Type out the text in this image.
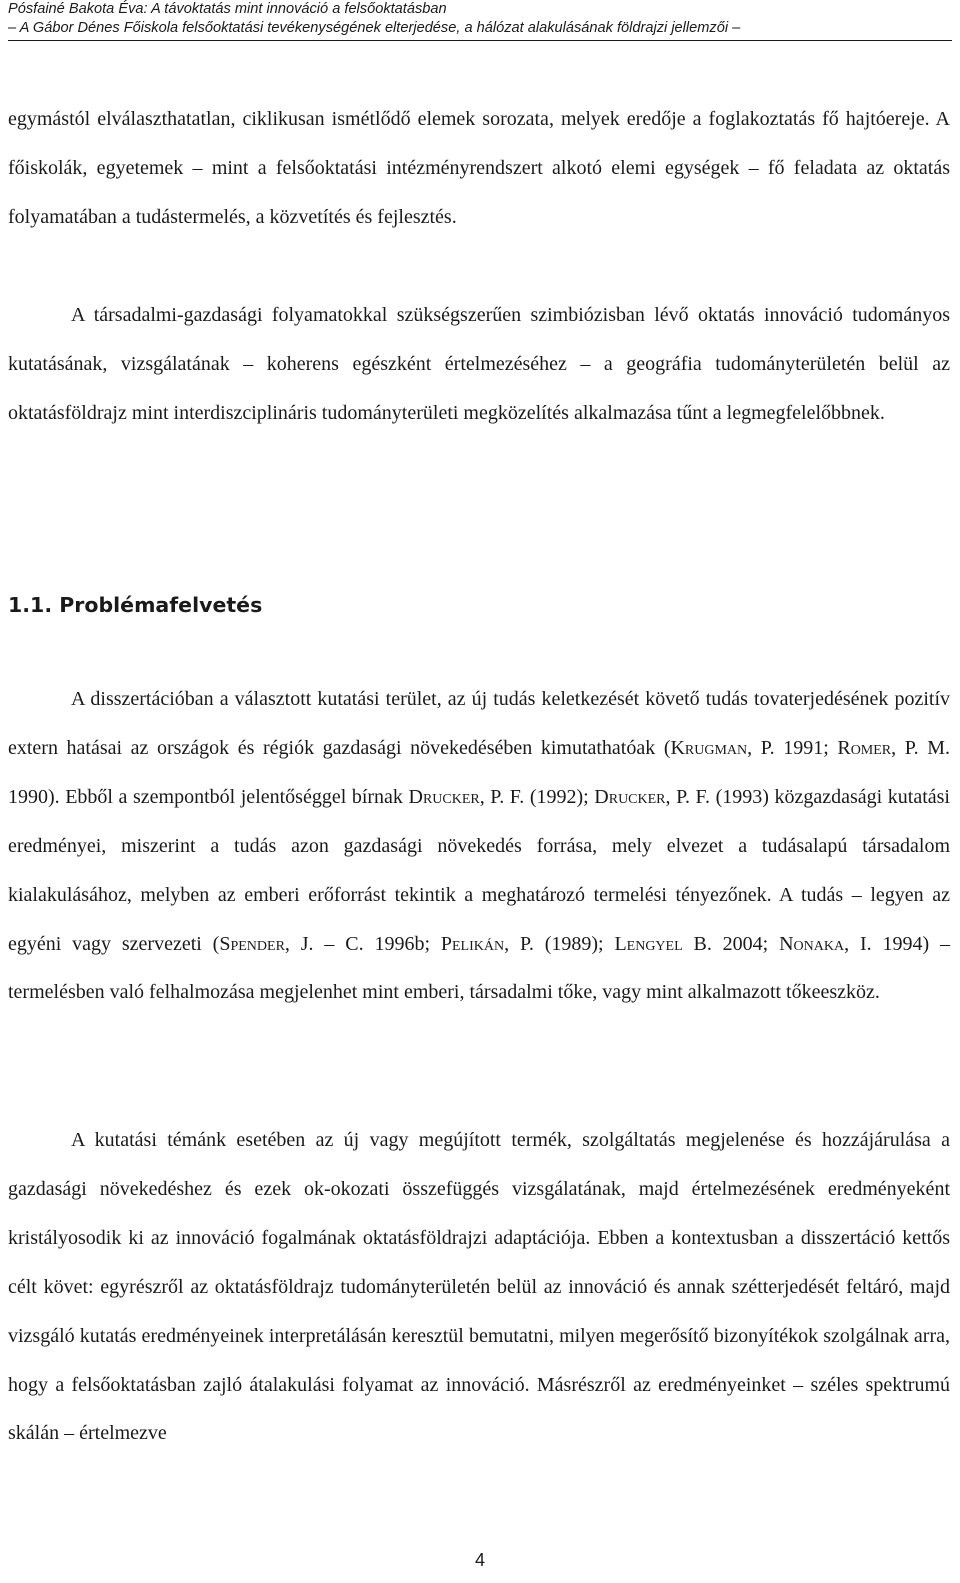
Pósfainé Bakota Éva: A távoktatás mint innováció a felsőoktatásban
– A Gábor Dénes Főiskola felsőoktatási tevékenységének elterjedése, a hálózat alakulásának földrajzi jellemzői –

egymástól elválaszthatatlan, ciklikusan ismétlődő elemek sorozata, melyek eredője a foglakoztatás fő hajtóereje. A főiskolák, egyetemek – mint a felsőoktatási intézményrendszert alkotó elemi egységek – fő feladata az oktatás folyamatában a tudástermelés, a közvetítés és fejlesztés.

A társadalmi-gazdasági folyamatokkal szükségszerűen szimbiózisban lévő oktatás innováció tudományos kutatásának, vizsgálatának – koherens egészként értelmezéséhez – a geográfia tudományterületén belül az oktatásföldrajz mint interdiszciplináris tudományterületi megközelítés alkalmazása tűnt a legmegfelelőbbnek.

1.1. Problémafelvetés

A disszertációban a választott kutatási terület, az új tudás keletkezését követő tudás tovaterjedésének pozitív extern hatásai az országok és régiók gazdasági növekedésében kimutathatóak (Krugman, P. 1991; Romer, P. M. 1990). Ebből a szempontból jelentőséggel bírnak Drucker, P. F. (1992); Drucker, P. F. (1993) közgazdasági kutatási eredményei, miszerint a tudás azon gazdasági növekedés forrása, mely elvezet a tudásalapú társadalom kialakulásához, melyben az emberi erőforrást tekintik a meghatározó termelési tényezőnek. A tudás – legyen az egyéni vagy szervezeti (Spender, J. – C. 1996b; Pelikán, P. (1989); Lengyel B. 2004; Nonaka, I. 1994) – termelésben való felhalmozása megjelenhet mint emberi, társadalmi tőke, vagy mint alkalmazott tőkeeszköz.

A kutatási témánk esetében az új vagy megújított termék, szolgáltatás megjelenése és hozzájárulása a gazdasági növekedéshez és ezek ok-okozati összefüggés vizsgálatának, majd értelmezésének eredményeként kristályosodik ki az innováció fogalmának oktatásföldrajzi adaptációja. Ebben a kontextusban a disszertáció kettős célt követ: egyrészről az oktatásföldrajz tudományterületén belül az innováció és annak szétterjedését feltáró, majd vizsgáló kutatás eredményeinek interpretálásán keresztül bemutatni, milyen megerősítő bizonyítékok szolgálnak arra, hogy a felsőoktatásban zajló átalakulási folyamat az innováció. Másrészről az eredményeinket – széles spektrumú skálán – értelmezve

4
